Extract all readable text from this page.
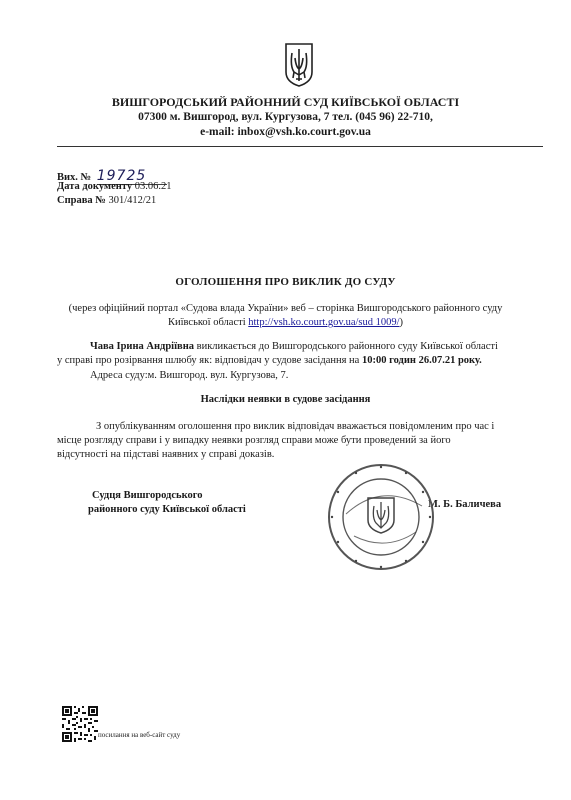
ВИШГОРОДСЬКИЙ РАЙОННИЙ СУД КИЇВСЬКОЇ ОБЛАСТІ
07300 м. Вишгород, вул. Кургузова, 7 тел. (045 96) 22-710,
e-mail: inbox@vsh.ko.court.gov.ua
Вих. № 19725
Дата документу 03.06.21
Справа № 301/412/21
ОГОЛОШЕННЯ ПРО ВИКЛИК ДО СУДУ
(через офіційний портал «Судова влада України» веб – сторінка Вишгородського районного суду
Київської області http://vsh.ko.court.gov.ua/sud 1009/)
Чава Ірина Андріївна викликається до Вишгородського районного суду Київської області
у справі про розірвання шлюбу як: відповідач у судове засідання на 10:00 годин 26.07.21 року.
Адреса суду:м. Вишгород. вул. Кургузова, 7.
Наслідки неявки в судове засідання
З опублікуванням оголошення про виклик відповідач вважається повідомленим про час і
місце розгляду справи і у випадку неявки розгляд справи може бути проведений за його
відсутності на підставі наявних у справі доказів.
Судця Вишгородського
районного суду Київської області	М. Б. Баличева
посилання на веб-сайт суду
